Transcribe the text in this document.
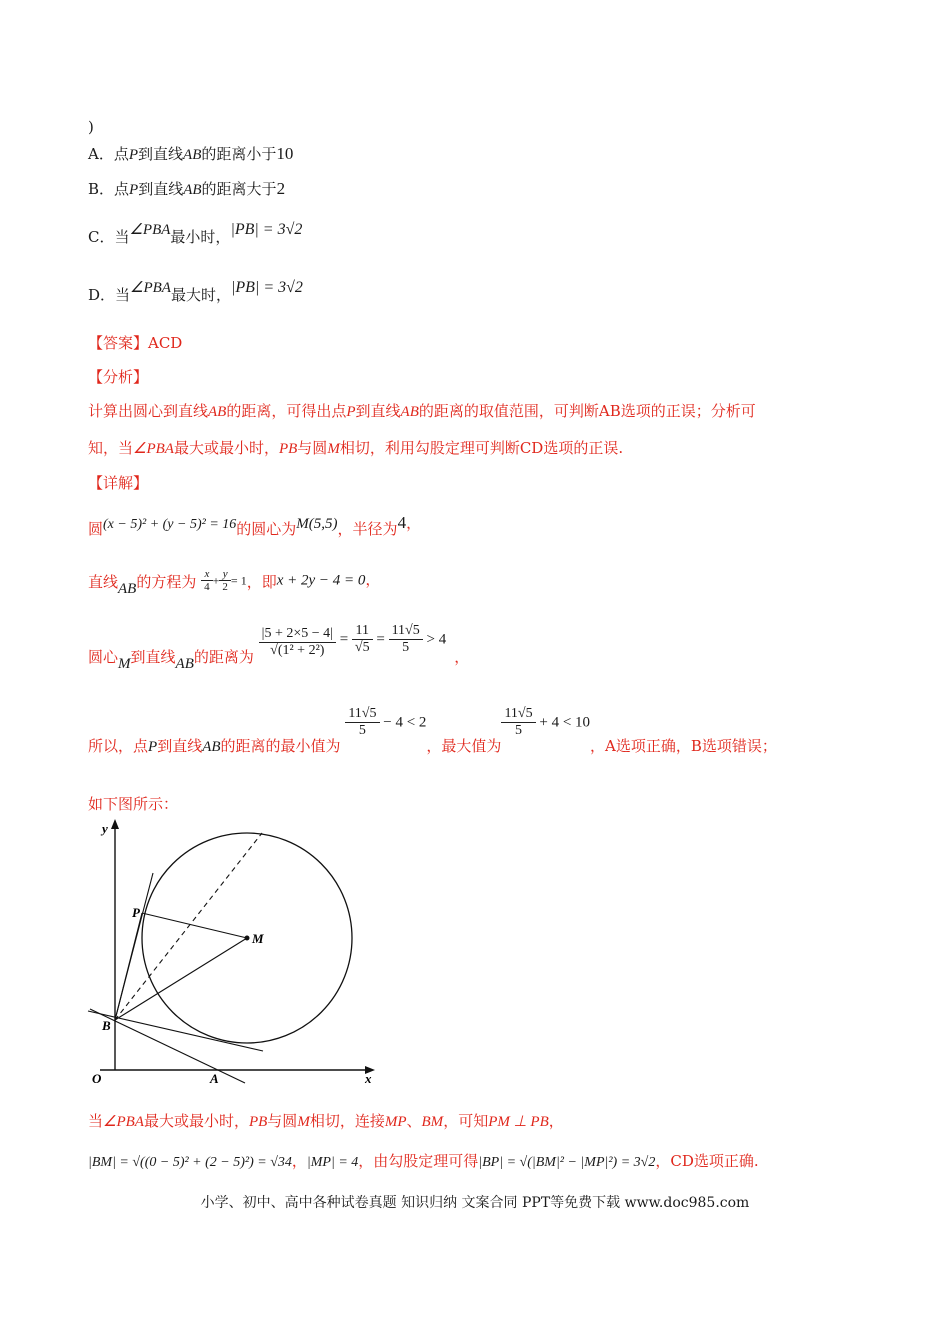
)
A．点P到直线AB的距离小于10
B．点P到直线AB的距离大于2
C．当∠PBA最小时，|PB| = 3√2
D．当∠PBA最大时，|PB| = 3√2
【答案】ACD
【分析】
计算出圆心到直线AB的距离，可得出点P到直线AB的距离的取值范围，可判断AB选项的正误；分析可
知，当∠PBA最大或最小时，PB与圆M相切，利用勾股定理可判断CD选项的正误.
【详解】
圆(x − 5)² + (y − 5)² = 16的圆心为M(5,5)，半径为4，
直线AB的方程为 $\frac{x}{4} + \frac{y}{2} = 1$，即x + 2y − 4 = 0，
圆心M到直线AB的距离为 $\frac{|5 + 2\times 5 - 4|}{\text{√(1² + 2²)}} = \frac{11}{√5} = \frac{11√5}{5} > 4$，
所以，点P到直线AB的距离的最小值为
$\frac{11√5}{5} - 4 < 2$，最大值为
$\frac{11√5}{5} + 4 < 10$，A选项正确，B选项错误；
如下图所示：
y
x
O	A
B
P
M
当∠PBA最大或最小时，PB与圆M相切，连接MP、BM，可知PM ⊥ PB，
|BM| = √((0 − 5)² + (2 − 5)²) = √34，|MP| = 4，由勾股定理可得|BP| = √(|BM|² − |MP|²) = 3√2，CD选项正确.
小学、初中、高中各种试卷真题 知识归纳 文案合同 PPT等免费下载 www.doc985.com
